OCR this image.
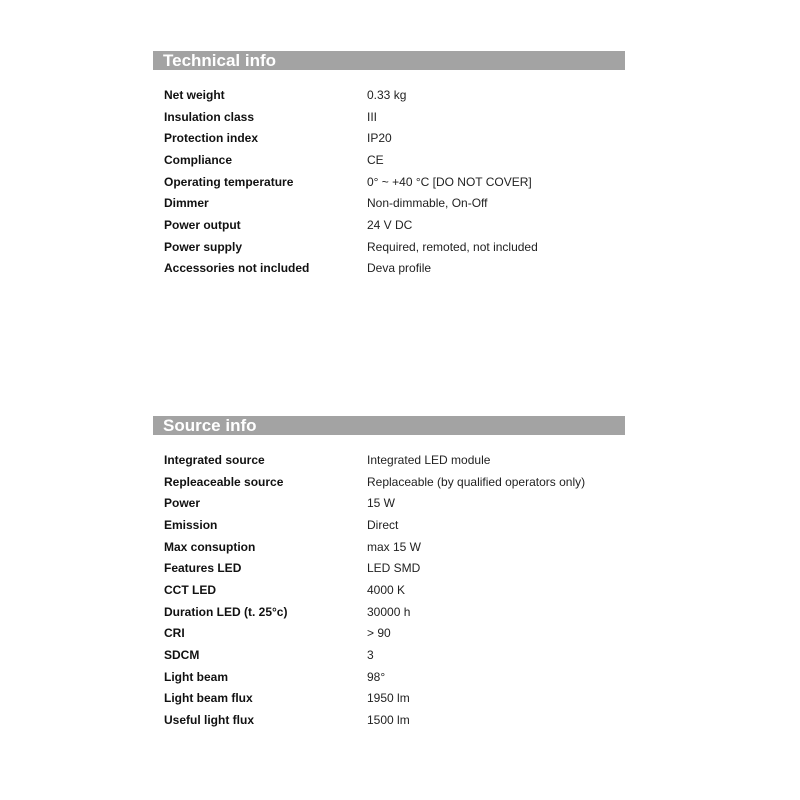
Technical info
Net weight	0.33 kg
Insulation class	III
Protection index	IP20
Compliance	CE
Operating temperature	0° ~ +40 °C [DO NOT COVER]
Dimmer	Non-dimmable, On-Off
Power output	24 V DC
Power supply	Required, remoted, not included
Accessories not included	Deva profile
Source info
Integrated source	Integrated LED module
Repleaceable source	Replaceable (by qualified operators only)
Power	15 W
Emission	Direct
Max consuption	max 15 W
Features LED	LED SMD
CCT LED	4000 K
Duration LED (t. 25°c)	30000 h
CRI	> 90
SDCM	3
Light beam	98°
Light beam flux	1950 lm
Useful light flux	1500 lm
